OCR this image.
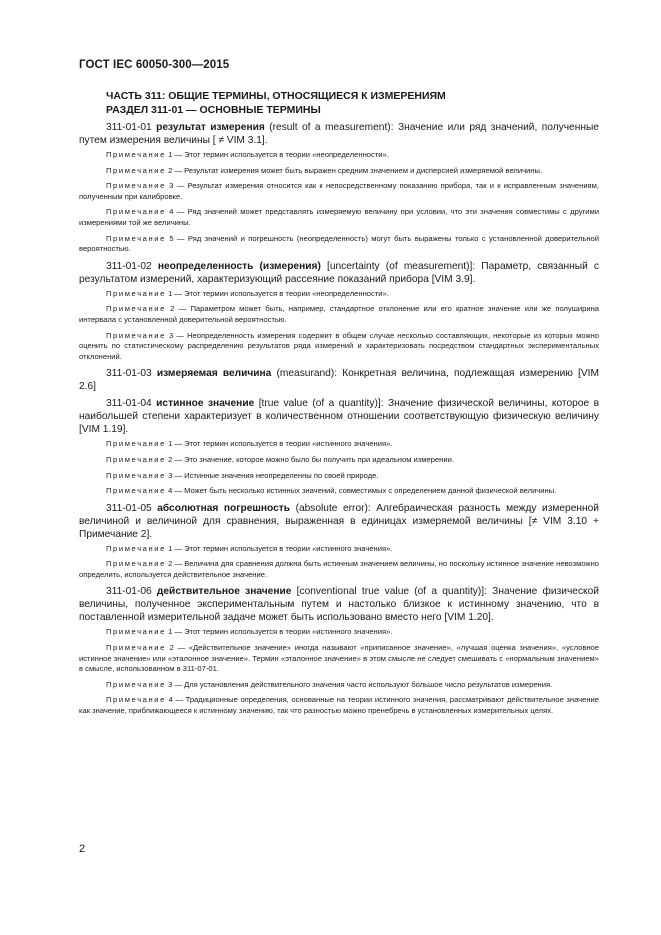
ГОСТ IEC 60050-300—2015
ЧАСТЬ 311: ОБЩИЕ ТЕРМИНЫ, ОТНОСЯЩИЕСЯ К ИЗМЕРЕНИЯМ
РАЗДЕЛ 311-01 — ОСНОВНЫЕ ТЕРМИНЫ

311-01-01 результат измерения (result of a measurement): Значение или ряд значений, полученные путем измерения величины [ ≠ VIM 3.1].

Примечание 1 — Этот термин используется в теории «неопределенности».

Примечание 2 — Результат измерения может быть выражен средним значением и дисперсией измеряемой величины.

Примечание 3 — Результат измерения относится как к непосредственному показанию прибора, так и к исправленным значениям, полученным при калибровке.

Примечание 4 — Ряд значений может представлять измеряемую величину при условии, что эти значения совместимы с другими измерениями той же величины.

Примечание 5 — Ряд значений и погрешность (неопределенность) могут быть выражены только с установленной доверительной вероятностью.

311-01-02 неопределенность (измерения) [uncertainty (of measurement)]: Параметр, связанный с результатом измерений, характеризующий рассеяние показаний прибора [VIM 3.9].

Примечание 1 — Этот термин используется в теории «неопределенности».

Примечание 2 — Параметром может быть, например, стандартное отклонение или его кратное значение или же полуширина интервала с установленной доверительной вероятностью.

Примечание 3 — Неопределенность измерения содержит в общем случае несколько составляющих, некоторые из которых можно оценить по статистическому распределению результатов ряда измерений и характеризовать посредством стандартных экспериментальных отклонений.

311-01-03 измеряемая величина (measurand): Конкретная величина, подлежащая измерению [VIM 2.6]

311-01-04 истинное значение [true value (of a quantity)]: Значение физической величины, которое в наибольшей степени характеризует в количественном отношении соответствующую физическую величину [VIM 1.19].

Примечание 1 — Этот термин используется в теории «истинного значения».

Примечание 2 — Это значение, которое можно было бы получить при идеальном измерении.

Примечание 3 — Истинные значения неопределенны по своей природе.

Примечание 4 — Может быть несколько истинных значений, совместимых с определением данной физической величины.

311-01-05 абсолютная погрешность (absolute error): Алгебраическая разность между измеренной величиной и величиной для сравнения, выраженная в единицах измеряемой величины [≠ VIM 3.10 + Примечание 2].

Примечание 1 — Этот термин используется в теории «истинного значения».

Примечание 2 — Величина для сравнения должна быть истинным значением величины, но поскольку истинное значение невозможно определить, используется действительное значение.

311-01-06 действительное значение [conventional true value (of a quantity)]: Значение физической величины, полученное экспериментальным путем и настолько близкое к истинному значению, что в поставленной измерительной задаче может быть использовано вместо него [VIM 1.20].

Примечание 1 — Этот термин используется в теории «истинного значения».

Примечание 2 — «Действительное значение» иногда называют «приписанное значение», «лучшая оценка значения», «условное истинное значение» или «эталонное значение». Термин «эталонное значение» в этом смысле не следует смешивать с «нормальным значением» в смысле, использованном в 311-07-01.

Примечание 3 — Для установления действительного значения часто используют большое число результатов измерения.

Примечание 4 — Традиционные определения, основанные на теории истинного значения, рассматривают действительное значение как значение, приближающееся к истинному значению, так что разностью можно пренебречь в установленных измерительных целях.

2
